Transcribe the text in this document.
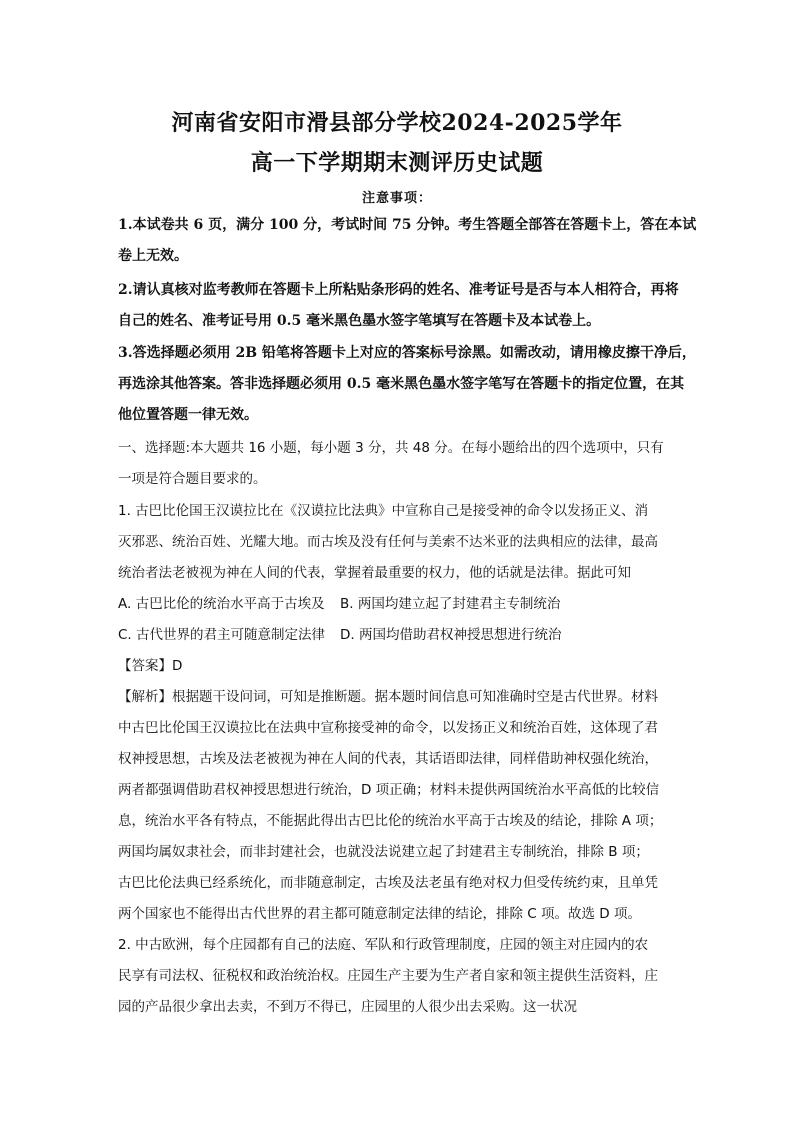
河南省安阳市滑县部分学校2024-2025学年
高一下学期期末测评历史试题
注意事项：
1.本试卷共 6 页，满分 100 分，考试时间 75 分钟。考生答题全部答在答题卡上，答在本试
卷上无效。
2.请认真核对监考教师在答题卡上所粘贴条形码的姓名、准考证号是否与本人相符合，再将
自己的姓名、准考证号用 0.5 毫米黑色墨水签字笔填写在答题卡及本试卷上。
3.答选择题必须用 2B 铅笔将答题卡上对应的答案标号涂黑。如需改动，请用橡皮擦干净后，
再选涂其他答案。答非选择题必须用 0.5 毫米黑色墨水签字笔写在答题卡的指定位置，在其
他位置答题一律无效。
一、选择题:本大题共 16 小题，每小题 3 分，共 48 分。在每小题给出的四个选项中，只有
一项是符合题目要求的。
1. 古巴比伦国王汉谟拉比在《汉谟拉比法典》中宣称自己是接受神的命令以发扬正义、消
灭邪恶、统治百姓、光耀大地。而古埃及没有任何与美索不达米亚的法典相应的法律，最高
统治者法老被视为神在人间的代表，掌握着最重要的权力，他的话就是法律。据此可知
A. 古巴比伦的统治水平高于古埃及 B. 两国均建立起了封建君主专制统治
C. 古代世界的君主可随意制定法律 D. 两国均借助君权神授思想进行统治
【答案】D
【解析】根据题干设问词，可知是推断题。据本题时间信息可知准确时空是古代世界。材料
中古巴比伦国王汉谟拉比在法典中宣称接受神的命令，以发扬正义和统治百姓，这体现了君
权神授思想，古埃及法老被视为神在人间的代表，其话语即法律，同样借助神权强化统治，
两者都强调借助君权神授思想进行统治，D 项正确；材料未提供两国统治水平高低的比较信
息，统治水平各有特点，不能据此得出古巴比伦的统治水平高于古埃及的结论，排除 A 项；
两国均属奴隶社会，而非封建社会，也就没法说建立起了封建君主专制统治，排除 B 项；
古巴比伦法典已经系统化，而非随意制定，古埃及法老虽有绝对权力但受传统约束，且单凭
两个国家也不能得出古代世界的君主都可随意制定法律的结论，排除 C 项。故选 D 项。
2. 中古欧洲，每个庄园都有自己的法庭、军队和行政管理制度，庄园的领主对庄园内的农
民享有司法权、征税权和政治统治权。庄园生产主要为生产者自家和领主提供生活资料，庄
园的产品很少拿出去卖，不到万不得已，庄园里的人很少出去采购。这一状况
